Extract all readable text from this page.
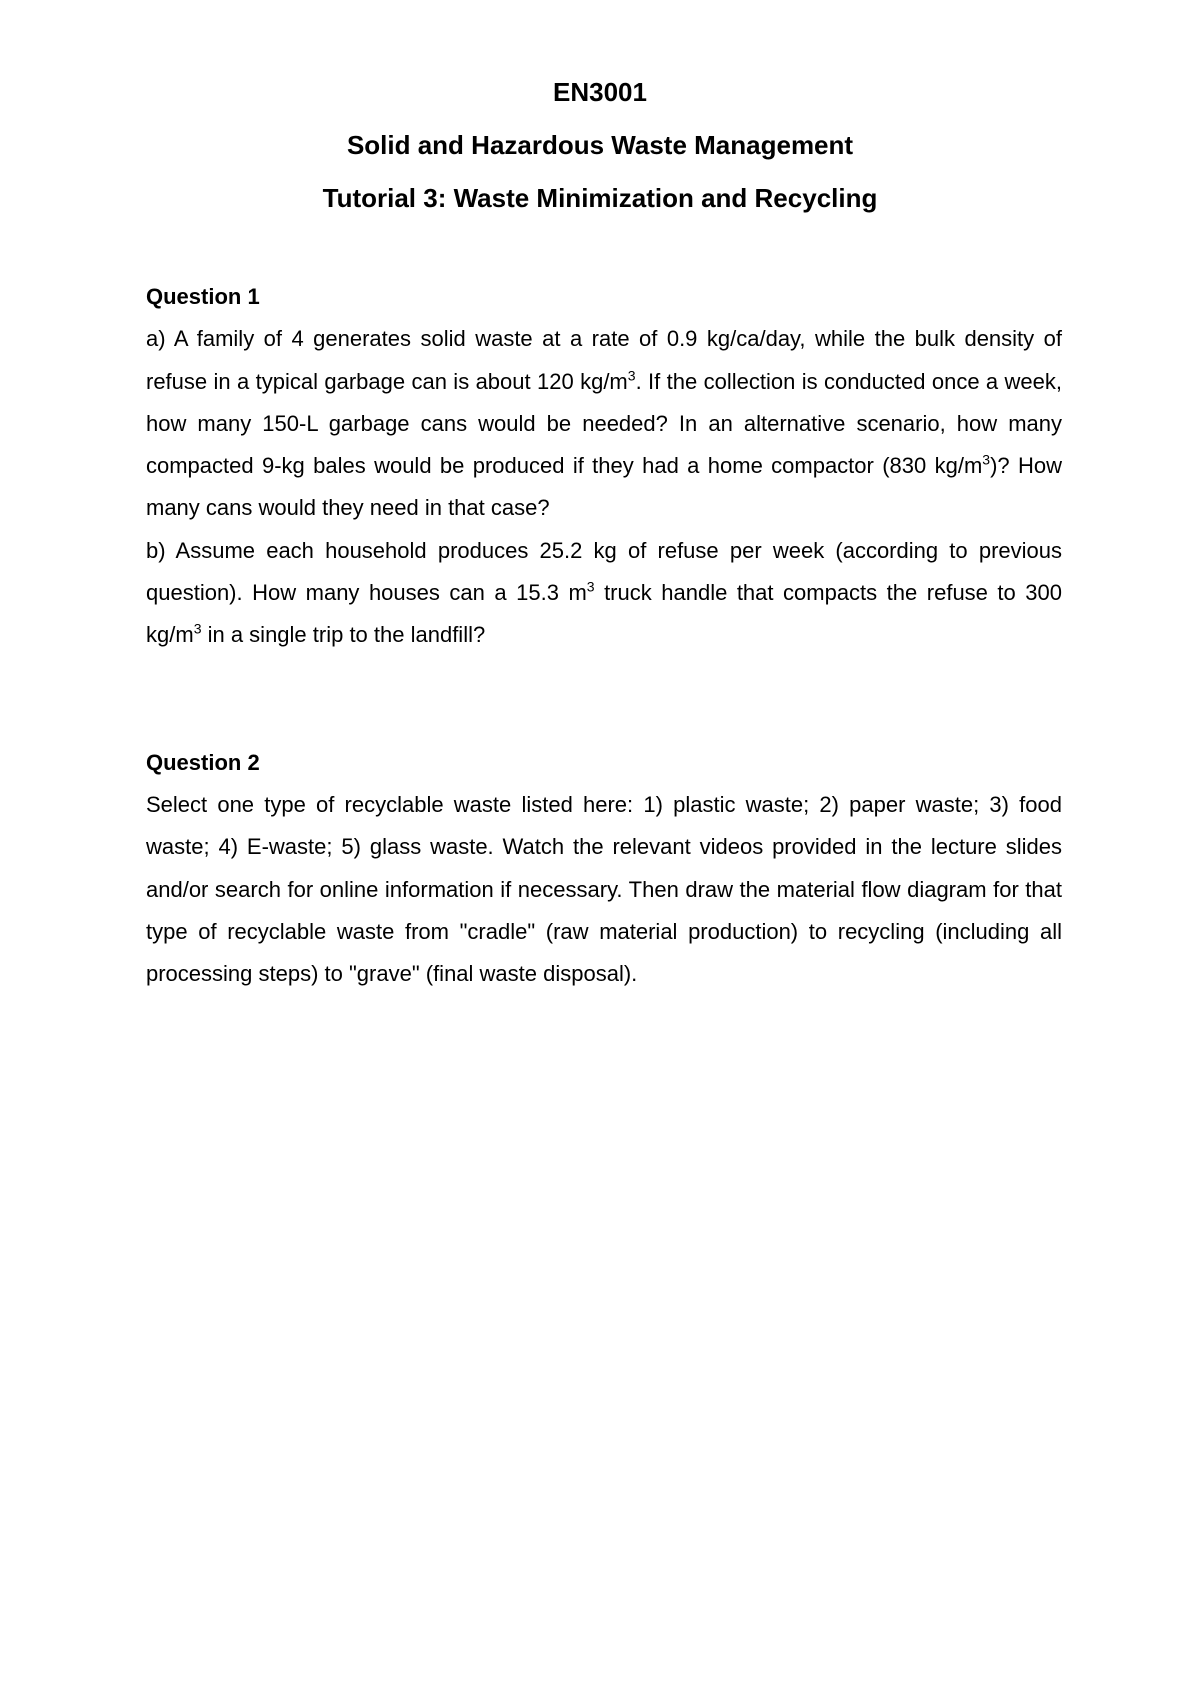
EN3001
Solid and Hazardous Waste Management
Tutorial 3: Waste Minimization and Recycling
Question 1

a) A family of 4 generates solid waste at a rate of 0.9 kg/ca/day, while the bulk density of refuse in a typical garbage can is about 120 $kg/m^3$. If the collection is conducted once a week, how many 150-L garbage cans would be needed? In an alternative scenario, how many compacted 9-kg bales would be produced if they had a home compactor (830 $kg/m^3$)? How many cans would they need in that case?

b) Assume each household produces 25.2 kg of refuse per week (according to previous question). How many houses can a 15.3 $m^3$ truck handle that compacts the refuse to 300 $kg/m^3$ in a single trip to the landfill?

Question 2

Select one type of recyclable waste listed here: 1) plastic waste; 2) paper waste; 3) food waste; 4) E-waste; 5) glass waste. Watch the relevant videos provided in the lecture slides and/or search for online information if necessary. Then draw the material flow diagram for that type of recyclable waste from "cradle" (raw material production) to recycling (including all processing steps) to "grave" (final waste disposal).
